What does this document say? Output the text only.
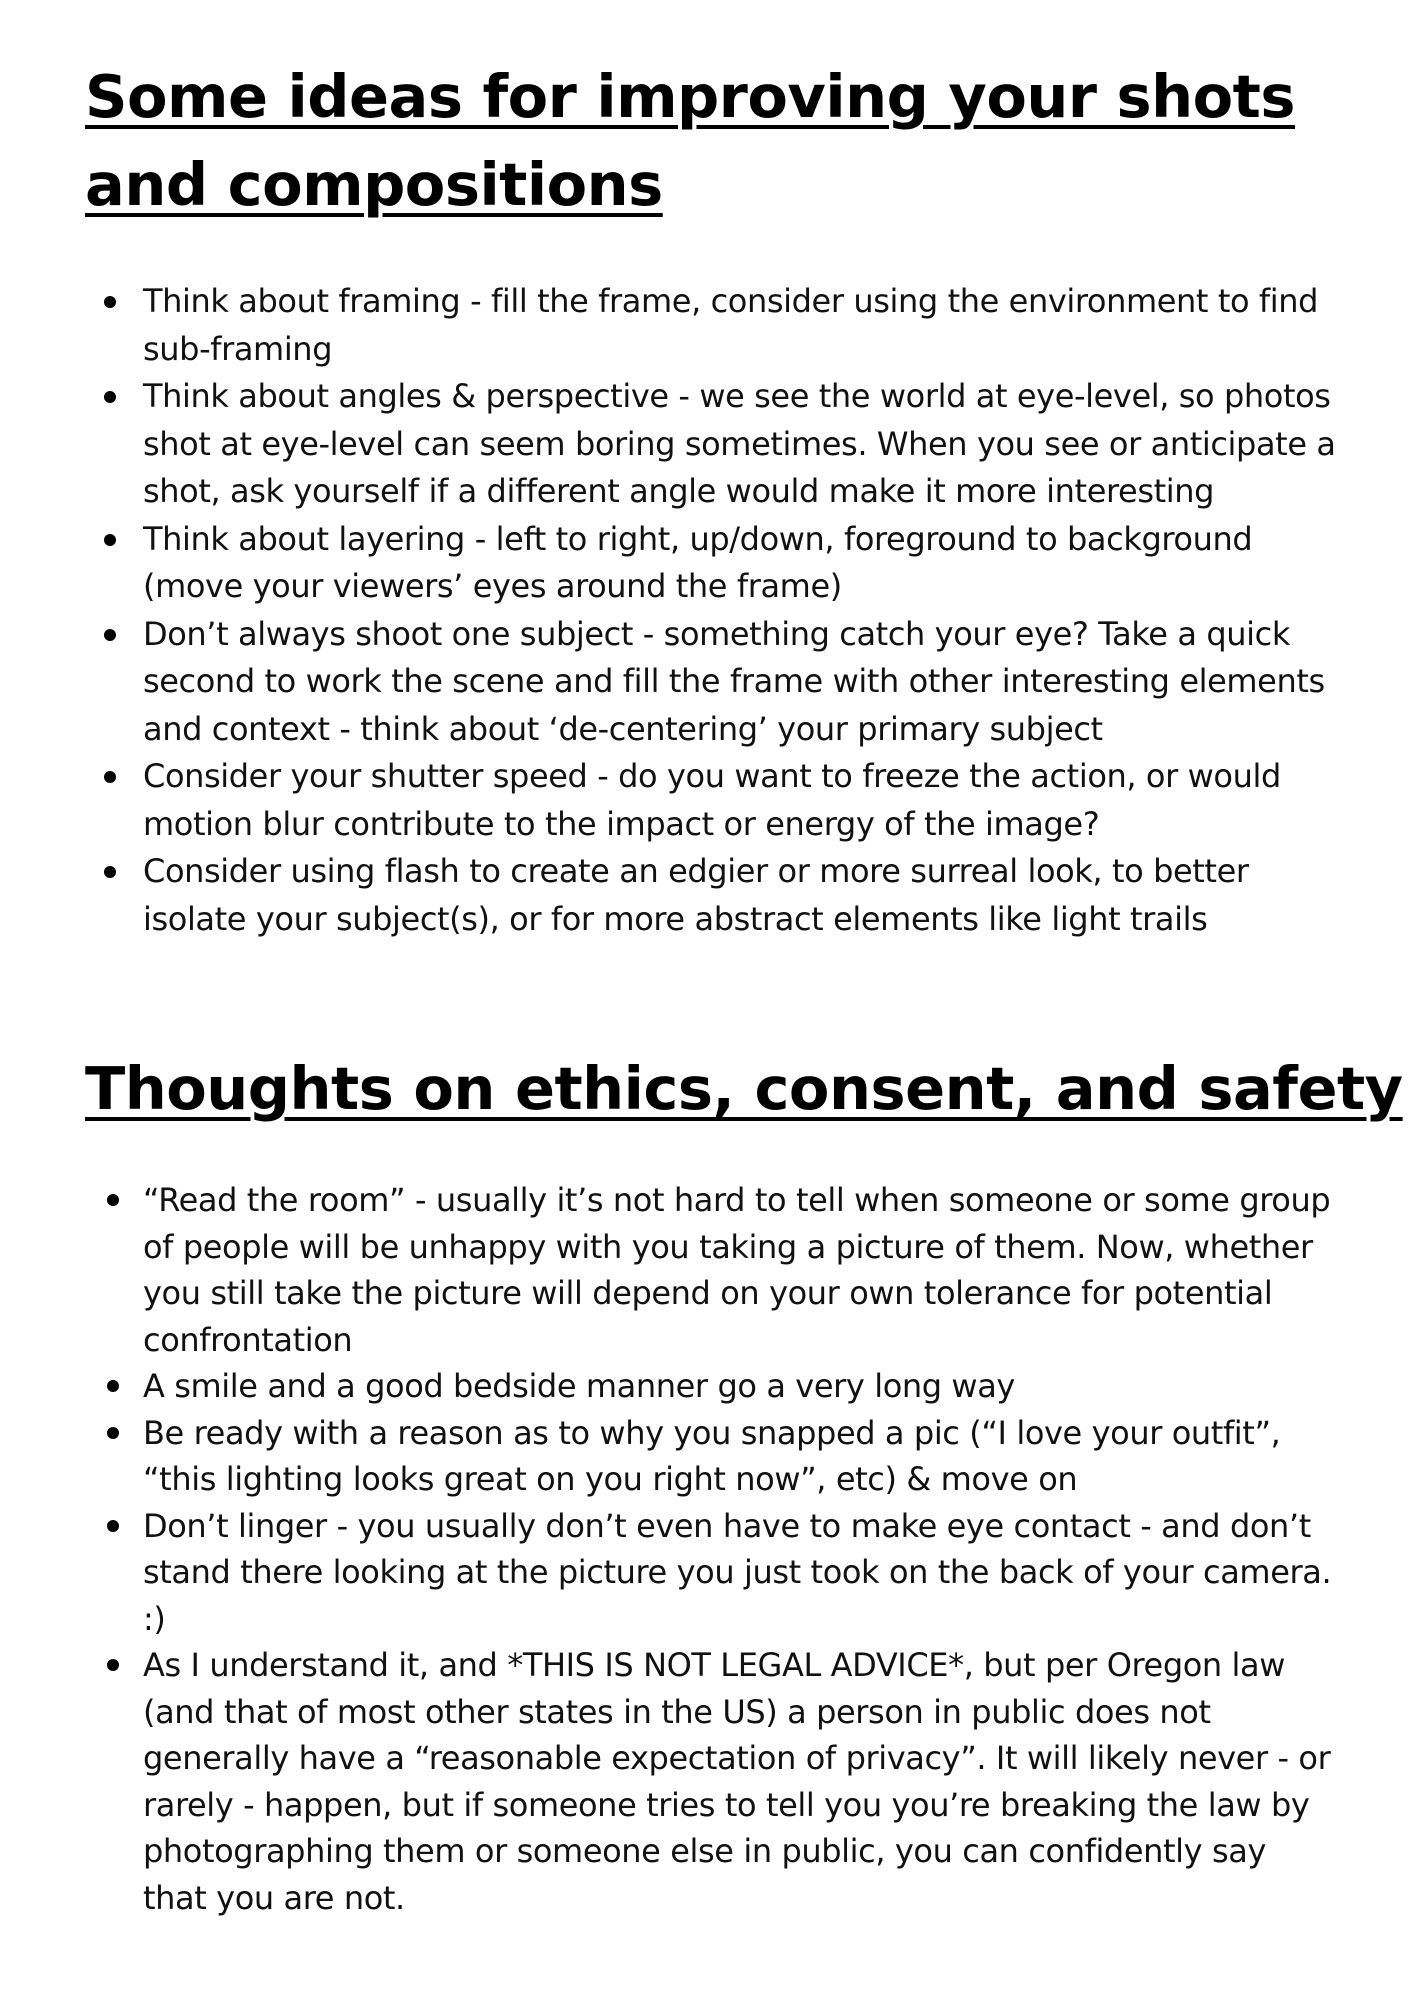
Some ideas for improving your shots and compositions
Think about framing - fill the frame, consider using the environment to find sub-framing
Think about angles & perspective - we see the world at eye-level, so photos shot at eye-level can seem boring sometimes. When you see or anticipate a shot, ask yourself if a different angle would make it more interesting
Think about layering - left to right, up/down, foreground to background (move your viewers’ eyes around the frame)
Don’t always shoot one subject - something catch your eye? Take a quick second to work the scene and fill the frame with other interesting elements and context - think about ‘de-centering’ your primary subject
Consider your shutter speed - do you want to freeze the action, or would motion blur contribute to the impact or energy of the image?
Consider using flash to create an edgier or more surreal look, to better isolate your subject(s), or for more abstract elements like light trails
Thoughts on ethics, consent, and safety
“Read the room” - usually it’s not hard to tell when someone or some group of people will be unhappy with you taking a picture of them. Now, whether you still take the picture will depend on your own tolerance for potential confrontation
A smile and a good bedside manner go a very long way
Be ready with a reason as to why you snapped a pic (“I love your outfit”, “this lighting looks great on you right now”, etc) & move on
Don’t linger - you usually don’t even have to make eye contact - and don’t stand there looking at the picture you just took on the back of your camera. :)
As I understand it, and *THIS IS NOT LEGAL ADVICE*, but per Oregon law (and that of most other states in the US) a person in public does not generally have a “reasonable expectation of privacy”. It will likely never - or rarely - happen, but if someone tries to tell you you’re breaking the law by photographing them or someone else in public, you can confidently say that you are not.
